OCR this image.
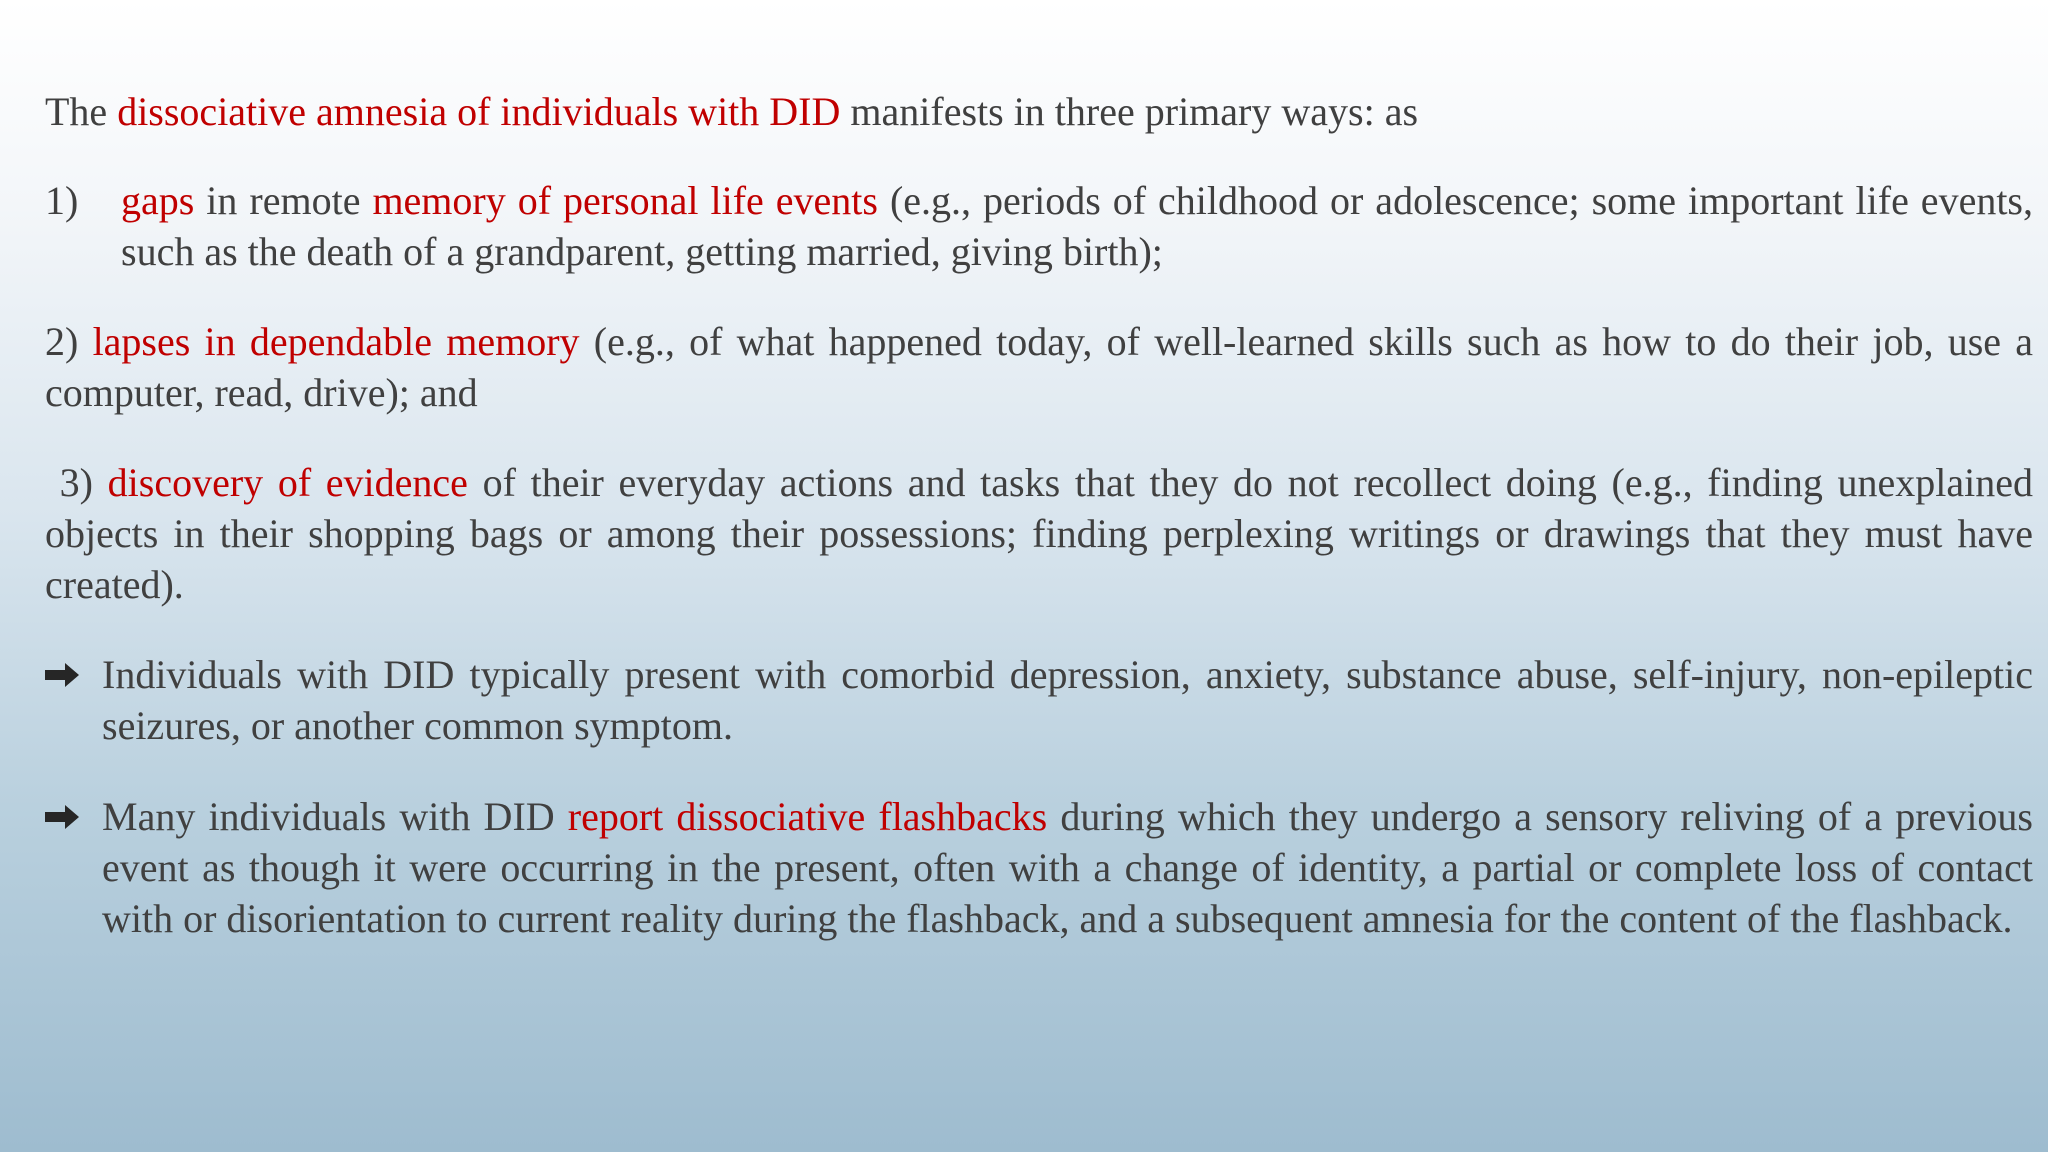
The dissociative amnesia of individuals with DID manifests in three primary ways: as
1)	gaps in remote memory of personal life events (e.g., periods of childhood or adolescence; some important life events, such as the death of a grandparent, getting married, giving birth);
2) lapses in dependable memory (e.g., of what happened today, of well-learned skills such as how to do their job, use a computer, read, drive); and
3) discovery of evidence of their everyday actions and tasks that they do not recollect doing (e.g., finding unexplained objects in their shopping bags or among their possessions; finding perplexing writings or drawings that they must have created).
Individuals with DID typically present with comorbid depression, anxiety, substance abuse, self-injury, non-epileptic seizures, or another common symptom.
Many individuals with DID report dissociative flashbacks during which they undergo a sensory reliving of a previous event as though it were occurring in the present, often with a change of identity, a partial or complete loss of contact with or disorientation to current reality during the flashback, and a subsequent amnesia for the content of the flashback.
